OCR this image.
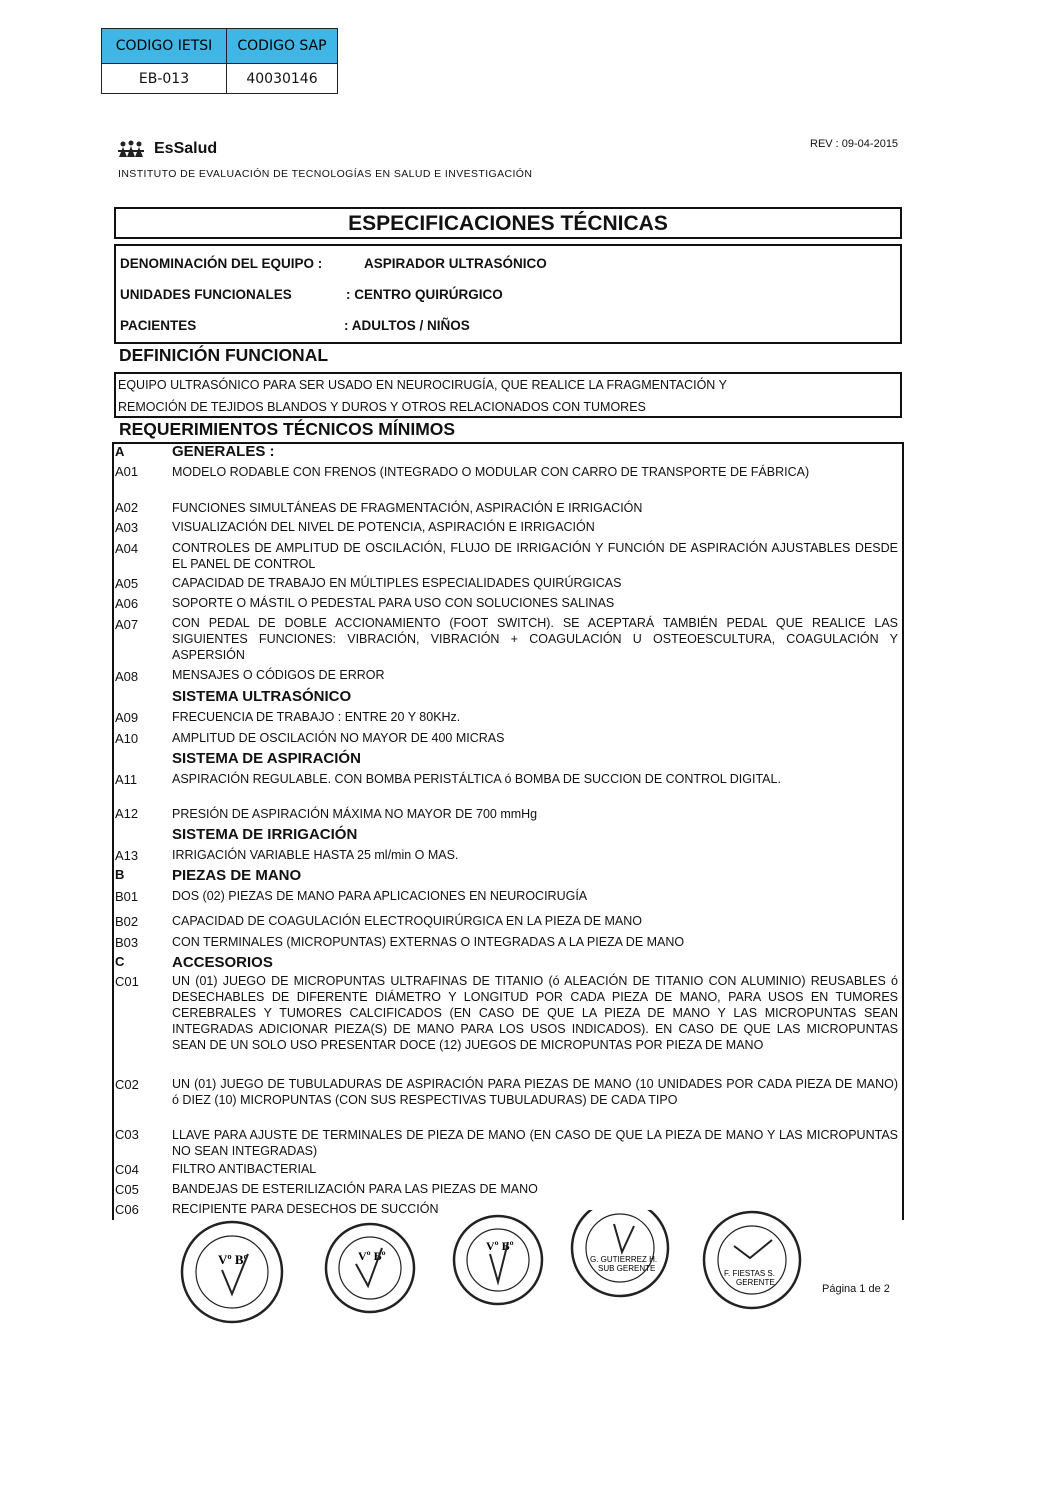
CODIGO IETSI	CODIGO SAP
EB-013	40030146
EsSalud
INSTITUTO DE EVALUACIÓN DE TECNOLOGÍAS EN SALUD E INVESTIGACIÓN
REV : 09-04-2015
ESPECIFICACIONES TÉCNICAS
DENOMINACIÓN DEL EQUIPO :	ASPIRADOR ULTRASÓNICO
UNIDADES FUNCIONALES	: CENTRO QUIRÚRGICO
PACIENTES	: ADULTOS / NIÑOS
DEFINICIÓN FUNCIONAL
EQUIPO ULTRASÓNICO PARA SER USADO EN NEUROCIRUGÍA, QUE REALICE LA FRAGMENTACIÓN Y
REMOCIÓN DE TEJIDOS BLANDOS Y DUROS Y OTROS RELACIONADOS CON TUMORES
REQUERIMIENTOS TÉCNICOS MÍNIMOS
A	GENERALES :
A01	MODELO RODABLE CON FRENOS (INTEGRADO O MODULAR CON CARRO DE TRANSPORTE DE FÁBRICA)
A02	FUNCIONES SIMULTÁNEAS DE FRAGMENTACIÓN, ASPIRACIÓN E IRRIGACIÓN
A03	VISUALIZACIÓN DEL NIVEL DE POTENCIA, ASPIRACIÓN E IRRIGACIÓN
A04	CONTROLES DE AMPLITUD DE OSCILACIÓN, FLUJO DE IRRIGACIÓN Y FUNCIÓN DE ASPIRACIÓN AJUSTABLES DESDE EL PANEL DE CONTROL
A05	CAPACIDAD DE TRABAJO EN MÚLTIPLES ESPECIALIDADES QUIRÚRGICAS
A06	SOPORTE O MÁSTIL O PEDESTAL PARA USO CON SOLUCIONES SALINAS
A07	CON PEDAL DE DOBLE ACCIONAMIENTO (FOOT SWITCH). SE ACEPTARÁ TAMBIÉN PEDAL QUE REALICE LAS SIGUIENTES FUNCIONES: VIBRACIÓN, VIBRACIÓN + COAGULACIÓN U OSTEOESCULTURA, COAGULACIÓN Y ASPERSIÓN
A08	MENSAJES O CÓDIGOS DE ERROR
SISTEMA ULTRASÓNICO
A09	FRECUENCIA DE TRABAJO : ENTRE 20 Y 80KHz.
A10	AMPLITUD DE OSCILACIÓN NO MAYOR DE 400 MICRAS
SISTEMA DE ASPIRACIÓN
A11	ASPIRACIÓN REGULABLE. CON BOMBA PERISTÁLTICA ó BOMBA DE SUCCION DE CONTROL DIGITAL.
A12	PRESIÓN DE ASPIRACIÓN MÁXIMA NO MAYOR DE 700 mmHg
SISTEMA DE IRRIGACIÓN
A13	IRRIGACIÓN VARIABLE HASTA 25 ml/min O MAS.
B	PIEZAS DE MANO
B01	DOS (02) PIEZAS DE MANO PARA APLICACIONES EN NEUROCIRUGÍA
B02	CAPACIDAD DE COAGULACIÓN ELECTROQUIRÚRGICA EN LA PIEZA DE MANO
B03	CON TERMINALES (MICROPUNTAS) EXTERNAS O INTEGRADAS A LA PIEZA DE MANO
C	ACCESORIOS
C01	UN (01) JUEGO DE MICROPUNTAS ULTRAFINAS DE TITANIO (ó ALEACIÓN DE TITANIO CON ALUMINIO) REUSABLES ó DESECHABLES DE DIFERENTE DIÁMETRO Y LONGITUD POR CADA PIEZA DE MANO, PARA USOS EN TUMORES CEREBRALES Y TUMORES CALCIFICADOS (EN CASO DE QUE LA PIEZA DE MANO Y LAS MICROPUNTAS SEAN INTEGRADAS ADICIONAR PIEZA(S) DE MANO PARA LOS USOS INDICADOS). EN CASO DE QUE LAS MICROPUNTAS SEAN DE UN SOLO USO PRESENTAR DOCE (12) JUEGOS DE MICROPUNTAS POR PIEZA DE MANO
C02	UN (01) JUEGO DE TUBULADURAS DE ASPIRACIÓN PARA PIEZAS DE MANO (10 UNIDADES POR CADA PIEZA DE MANO) ó DIEZ (10) MICROPUNTAS (CON SUS RESPECTIVAS TUBULADURAS) DE CADA TIPO
C03	LLAVE PARA AJUSTE DE TERMINALES DE PIEZA DE MANO (EN CASO DE QUE LA PIEZA DE MANO Y LAS MICROPUNTAS NO SEAN INTEGRADAS)
C04	FILTRO ANTIBACTERIAL
C05	BANDEJAS DE ESTERILIZACIÓN PARA LAS PIEZAS DE MANO
C06	RECIPIENTE PARA DESECHOS DE SUCCIÓN
Vº Bº	Vº Bº
Vº Bº
G. GUTIERREZ H.
SUB GERENTE
F. FIESTAS S.
GERENTE
Página 1 de 2
